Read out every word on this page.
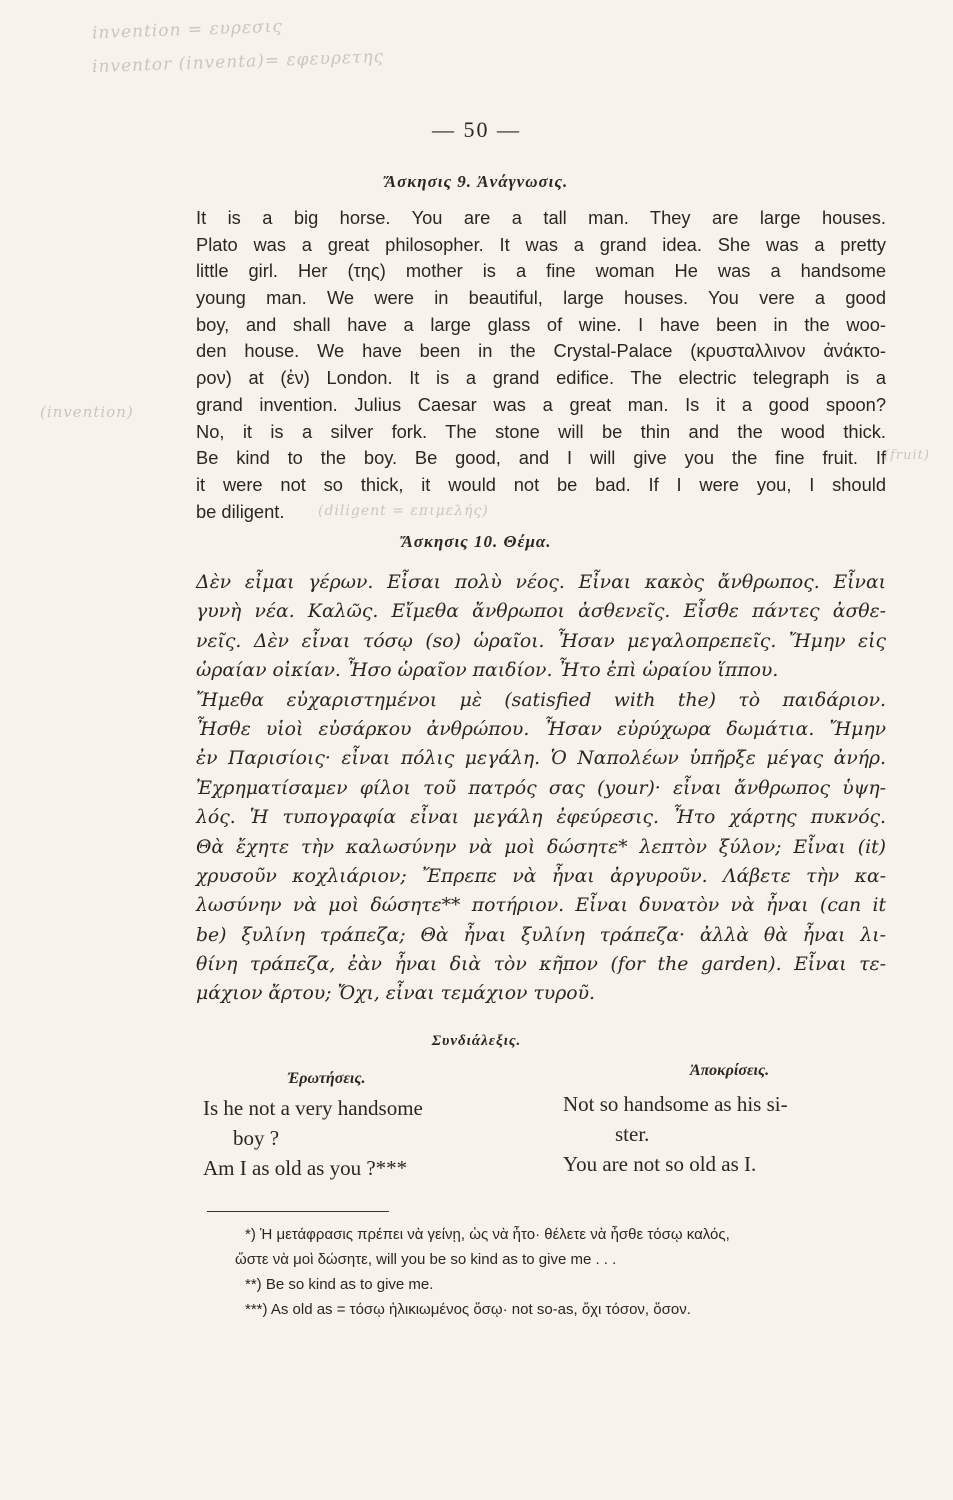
invention = ευρεσις
inventor (inventa)= εφευρετης
(invention)
(diligent = επιμελής)
(fruit)
— 50 —
Ἄσκησις 9. Ἀνάγνωσις.
It is a big horse. You are a tall man. They are large houses.
Plato was a great philosopher. It was a grand idea. She was a pretty
little girl. Her (της) mother is a fine woman He was a handsome
young man. We were in beautiful, large houses. You vere a good
boy, and shall have a large glass of wine. I have been in the woo-
den house. We have been in the Crystal-Palace (κρυσταλλινον ἀνάκτο-
ρον) at (ἐν) London. It is a grand edifice. The electric telegraph is a
grand invention. Julius Caesar was a great man. Is it a good spoon?
No, it is a silver fork. The stone will be thin and the wood thick.
Be kind to the boy. Be good, and I will give you the fine fruit. If
it were not so thick, it would not be bad. If I were you, I should
be diligent.
Ἄσκησις 10. Θέμα.
Δὲν εἶμαι γέρων. Εἶσαι πολὺ νέος. Εἶναι κακὸς ἄνθρωπος. Εἶναι
γυνὴ νέα. Καλῶς. Εἴμεθα ἄνθρωποι ἀσθενεῖς. Εἶσθε πάντες ἀσθε-
νεῖς. Δὲν εἶναι τόσῳ (so) ὡραῖοι. Ἦσαν μεγαλοπρεπεῖς. Ἤμην εἰς
ὡραίαν οἰκίαν. Ἦσο ὡραῖον παιδίον. Ἦτο ἐπὶ ὡραίου ἵππου.
Ἤμεθα εὐχαριστημένοι μὲ (satisfied with the) τὸ παιδάριον.
Ἦσθε υἱοὶ εὐσάρκου ἀνθρώπου. Ἦσαν εὐρύχωρα δωμάτια. Ἤμην
ἐν Παρισίοις· εἶναι πόλις μεγάλη. Ὁ Ναπολέων ὑπῆρξε μέγας ἀνήρ.
Ἐχρηματίσαμεν φίλοι τοῦ πατρός σας (your)· εἶναι ἄνθρωπος ὑψη-
λός. Ἡ τυπογραφία εἶναι μεγάλη ἐφεύρεσις. Ἦτο χάρτης πυκνός.
Θὰ ἔχητε τὴν καλωσύνην νὰ μοὶ δώσητε* λεπτὸν ξύλον; Εἶναι (it)
χρυσοῦν κοχλιάριον; Ἔπρεπε νὰ ἦναι ἀργυροῦν. Λάβετε τὴν κα-
λωσύνην νὰ μοὶ δώσητε** ποτήριον. Εἶναι δυνατὸν νὰ ἦναι (can it
be) ξυλίνη τράπεζα; Θὰ ἦναι ξυλίνη τράπεζα· ἀλλὰ θὰ ἦναι λι-
θίνη τράπεζα, ἐὰν ἦναι διὰ τὸν κῆπον (for the garden). Εἶναι τε-
μάχιον ἄρτου; Ὄχι, εἶναι τεμάχιον τυροῦ.
Συνδιάλεξις.
Ἐρωτήσεις.	Ἀποκρίσεις.
Is he not a very handsome
boy ?
Am I as old as you ?***
Not so handsome as his si-
ster.
You are not so old as I.
*) Ἡ μετάφρασις πρέπει νὰ γείνῃ, ὡς νὰ ἦτο· θέλετε νὰ ἦσθε τόσῳ καλός,
ὥστε νὰ μοὶ δώσητε, will you be so kind as to give me . . .
**) Be so kind as to give me.
***) As old as = τόσῳ ἡλικιωμένος ὅσῳ· not so-as, ὄχι τόσον, ὅσον.
